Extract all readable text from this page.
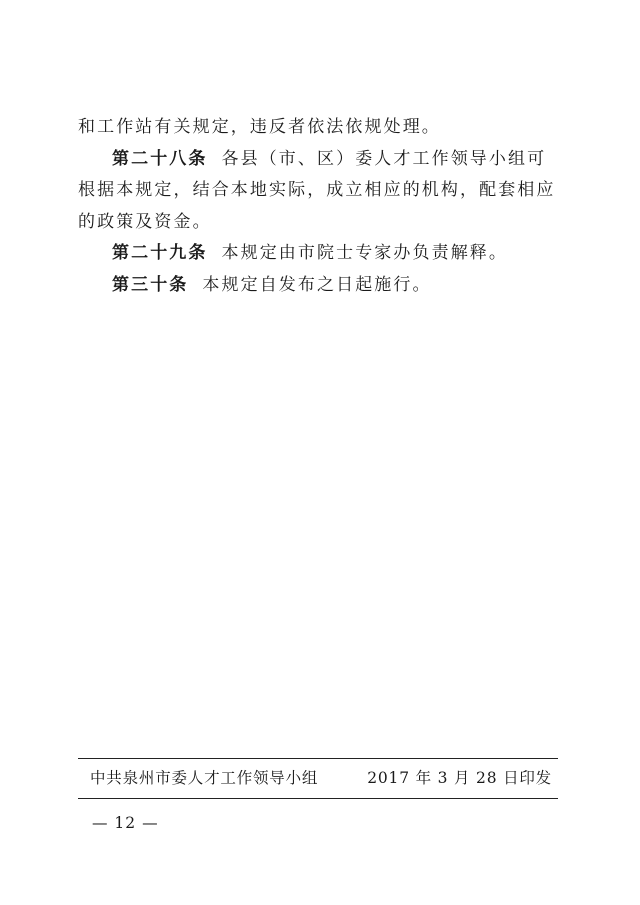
和工作站有关规定，违反者依法依规处理。

第二十八条 各县（市、区）委人才工作领导小组可根据本规定，结合本地实际，成立相应的机构，配套相应的政策及资金。

第二十九条 本规定由市院士专家办负责解释。

第三十条 本规定自发布之日起施行。

中共泉州市委人才工作领导小组	2017 年 3 月 28 日印发
— 12 —
